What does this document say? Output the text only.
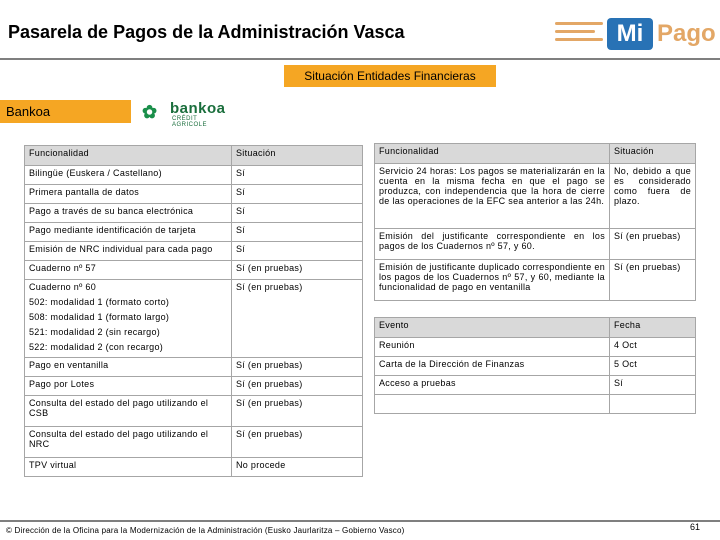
Pasarela de Pagos de la Administración Vasca	Mi Pago
Situación Entidades Financieras
Bankoa	✿ bankoa
CRÉDIT AGRICOLE
Funcionalidad	Situación
Bilingüe (Euskera / Castellano)	Sí
Primera pantalla de datos	Sí
Pago a través de su banca electrónica	Sí
Pago mediante identificación de tarjeta	Sí
Emisión de NRC individual para cada pago	Sí
Cuaderno nº 57	Sí (en pruebas)

Cuaderno nº 60
502: modalidad 1 (formato corto)
508: modalidad 1 (formato largo)
521: modalidad 2 (sin recargo)
522: modalidad 2 (con recargo)	Sí (en pruebas)
Pago en ventanilla	Sí (en pruebas)
Pago por Lotes	Sí (en pruebas)
Consulta del estado del pago utilizando el CSB	Sí (en pruebas)
Consulta del estado del pago utilizando el NRC	Sí (en pruebas)
TPV virtual	No procede
Funcionalidad	Situación
Servicio 24 horas: Los pagos se materializarán en la cuenta en la misma fecha en que el pago se produzca, con independencia que la hora de cierre de las operaciones de la EFC sea anterior a las 24h.	No, debido a que es considerado como fuera de plazo.
Emisión del justificante correspondiente en los pagos de los Cuadernos nº 57, y 60.	Sí (en pruebas)
Emisión de justificante duplicado correspondiente en los pagos de los Cuadernos nº 57, y 60, mediante la funcionalidad de pago en ventanilla	Sí (en pruebas)
Evento	Fecha
Reunión	4 Oct
Carta de la Dirección de Finanzas	5 Oct
Acceso a pruebas	Sí

© Dirección de la Oficina para la Modernización de la Administración (Eusko Jaurlaritza – Gobierno Vasco)	61
